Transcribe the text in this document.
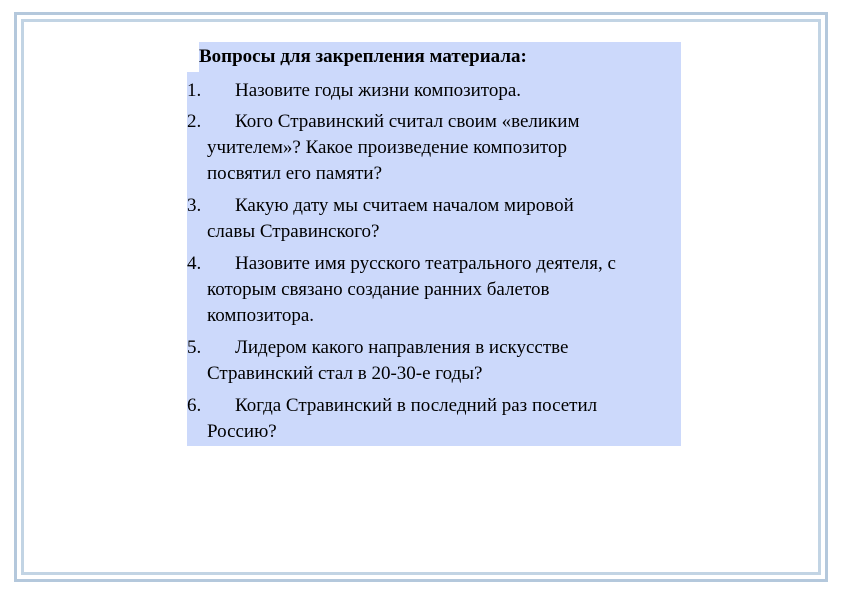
Вопросы для закрепления материала:
1.	Назовите годы жизни композитора.
2.	Кого Стравинский считал своим «великим
учителем»? Какое произведение композитор
посвятил его памяти?
3.	Какую дату мы считаем началом мировой
славы Стравинского?
4.	Назовите имя русского театрального деятеля, с
которым связано создание ранних балетов
композитора.
5.	Лидером какого направления в искусстве
Стравинский стал в 20-30-е годы?
6.	Когда Стравинский в последний раз посетил
Россию?
